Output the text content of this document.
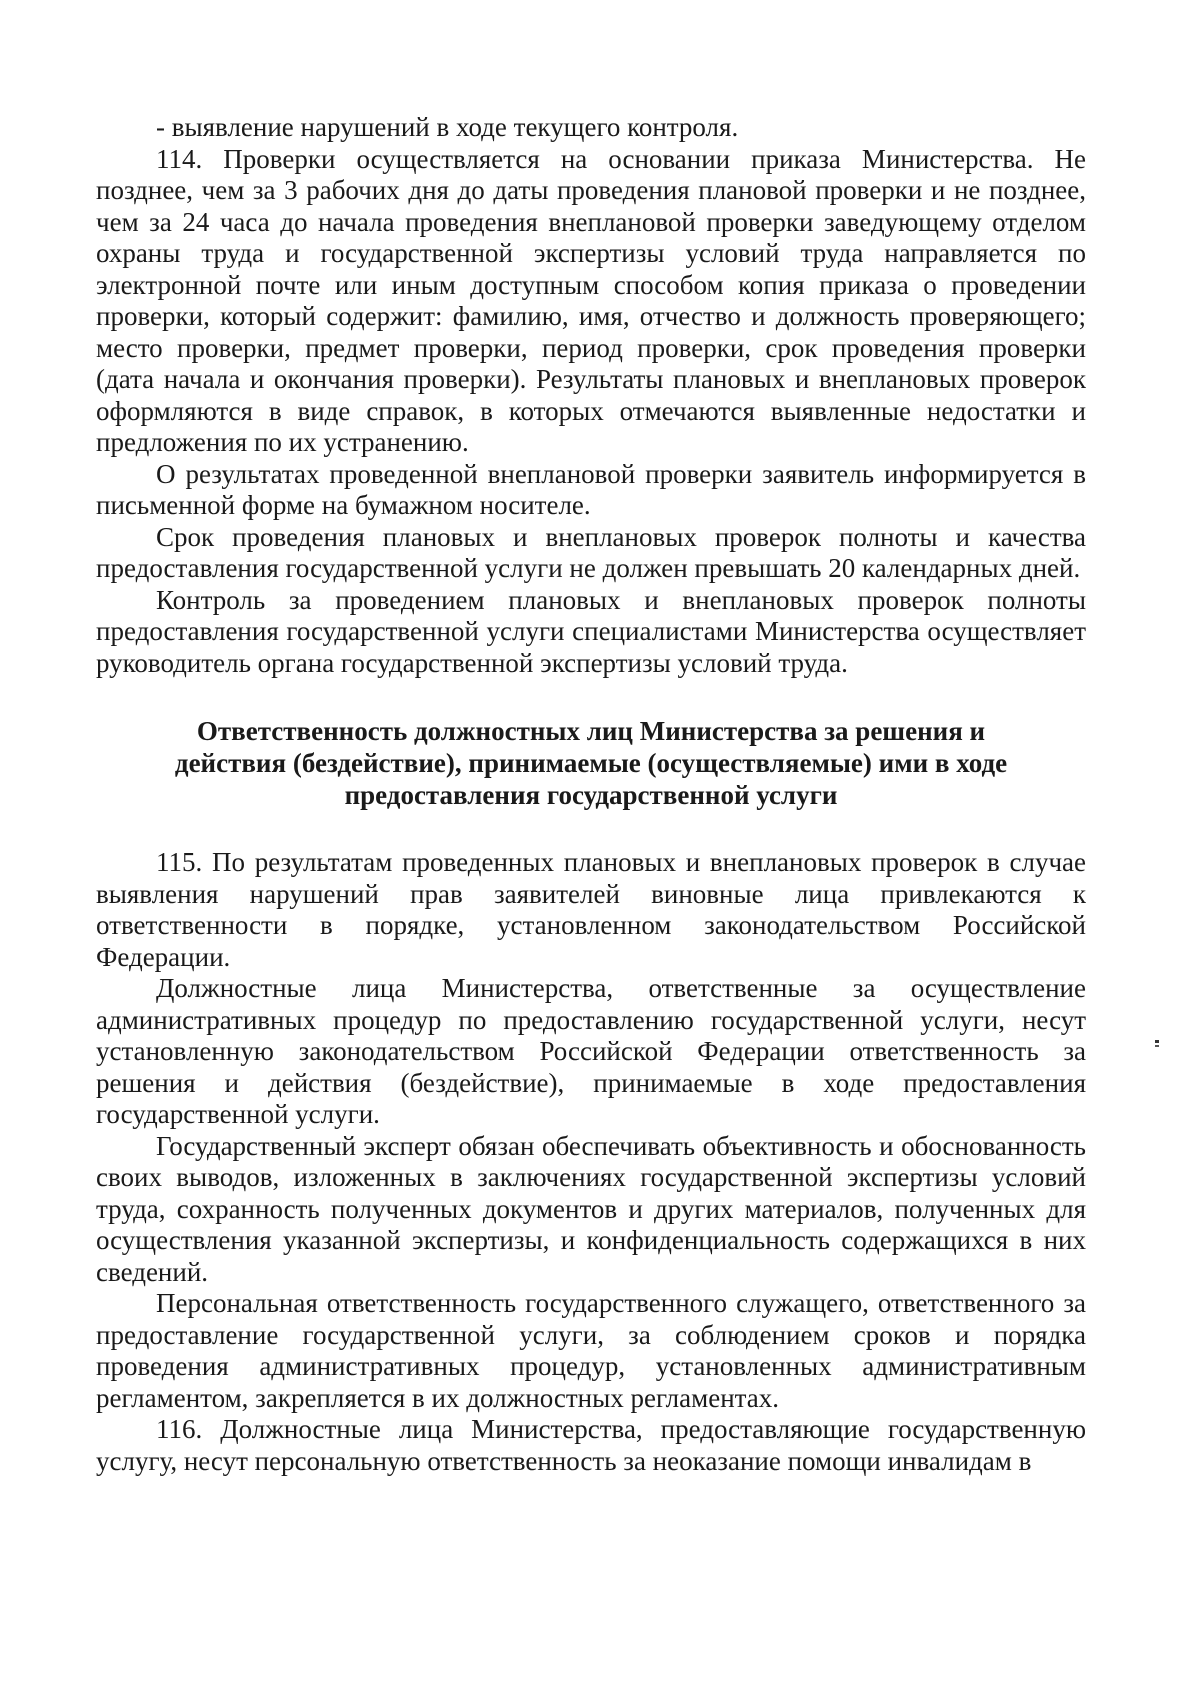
- выявление нарушений в ходе текущего контроля.

114. Проверки осуществляется на основании приказа Министерства. Не позднее, чем за 3 рабочих дня до даты проведения плановой проверки и не позднее, чем за 24 часа до начала проведения внеплановой проверки заведующему отделом охраны труда и государственной экспертизы условий труда направляется по электронной почте или иным доступным способом копия приказа о проведении проверки, который содержит: фамилию, имя, отчество и должность проверяющего; место проверки, предмет проверки, период проверки, срок проведения проверки (дата начала и окончания проверки). Результаты плановых и внеплановых проверок оформляются в виде справок, в которых отмечаются выявленные недостатки и предложения по их устранению.

О результатах проведенной внеплановой проверки заявитель информируется в письменной форме на бумажном носителе.

Срок проведения плановых и внеплановых проверок полноты и качества предоставления государственной услуги не должен превышать 20 календарных дней.

Контроль за проведением плановых и внеплановых проверок полноты предоставления государственной услуги специалистами Министерства осуществляет руководитель органа государственной экспертизы условий труда.

Ответственность должностных лиц Министерства за решения и
действия (бездействие), принимаемые (осуществляемые) ими в ходе
предоставления государственной услуги

115. По результатам проведенных плановых и внеплановых проверок в случае выявления нарушений прав заявителей виновные лица привлекаются к ответственности в порядке, установленном законодательством Российской Федерации.

Должностные лица Министерства, ответственные за осуществление административных процедур по предоставлению государственной услуги, несут установленную законодательством Российской Федерации ответственность за решения и действия (бездействие), принимаемые в ходе предоставления государственной услуги.

Государственный эксперт обязан обеспечивать объективность и обоснованность своих выводов, изложенных в заключениях государственной экспертизы условий труда, сохранность полученных документов и других материалов, полученных для осуществления указанной экспертизы, и конфиденциальность содержащихся в них сведений.

Персональная ответственность государственного служащего, ответственного за предоставление государственной услуги, за соблюдением сроков и порядка проведения административных процедур, установленных административным регламентом, закрепляется в их должностных регламентах.

116. Должностные лица Министерства, предоставляющие государственную услугу, несут персональную ответственность за неоказание помощи инвалидам в
